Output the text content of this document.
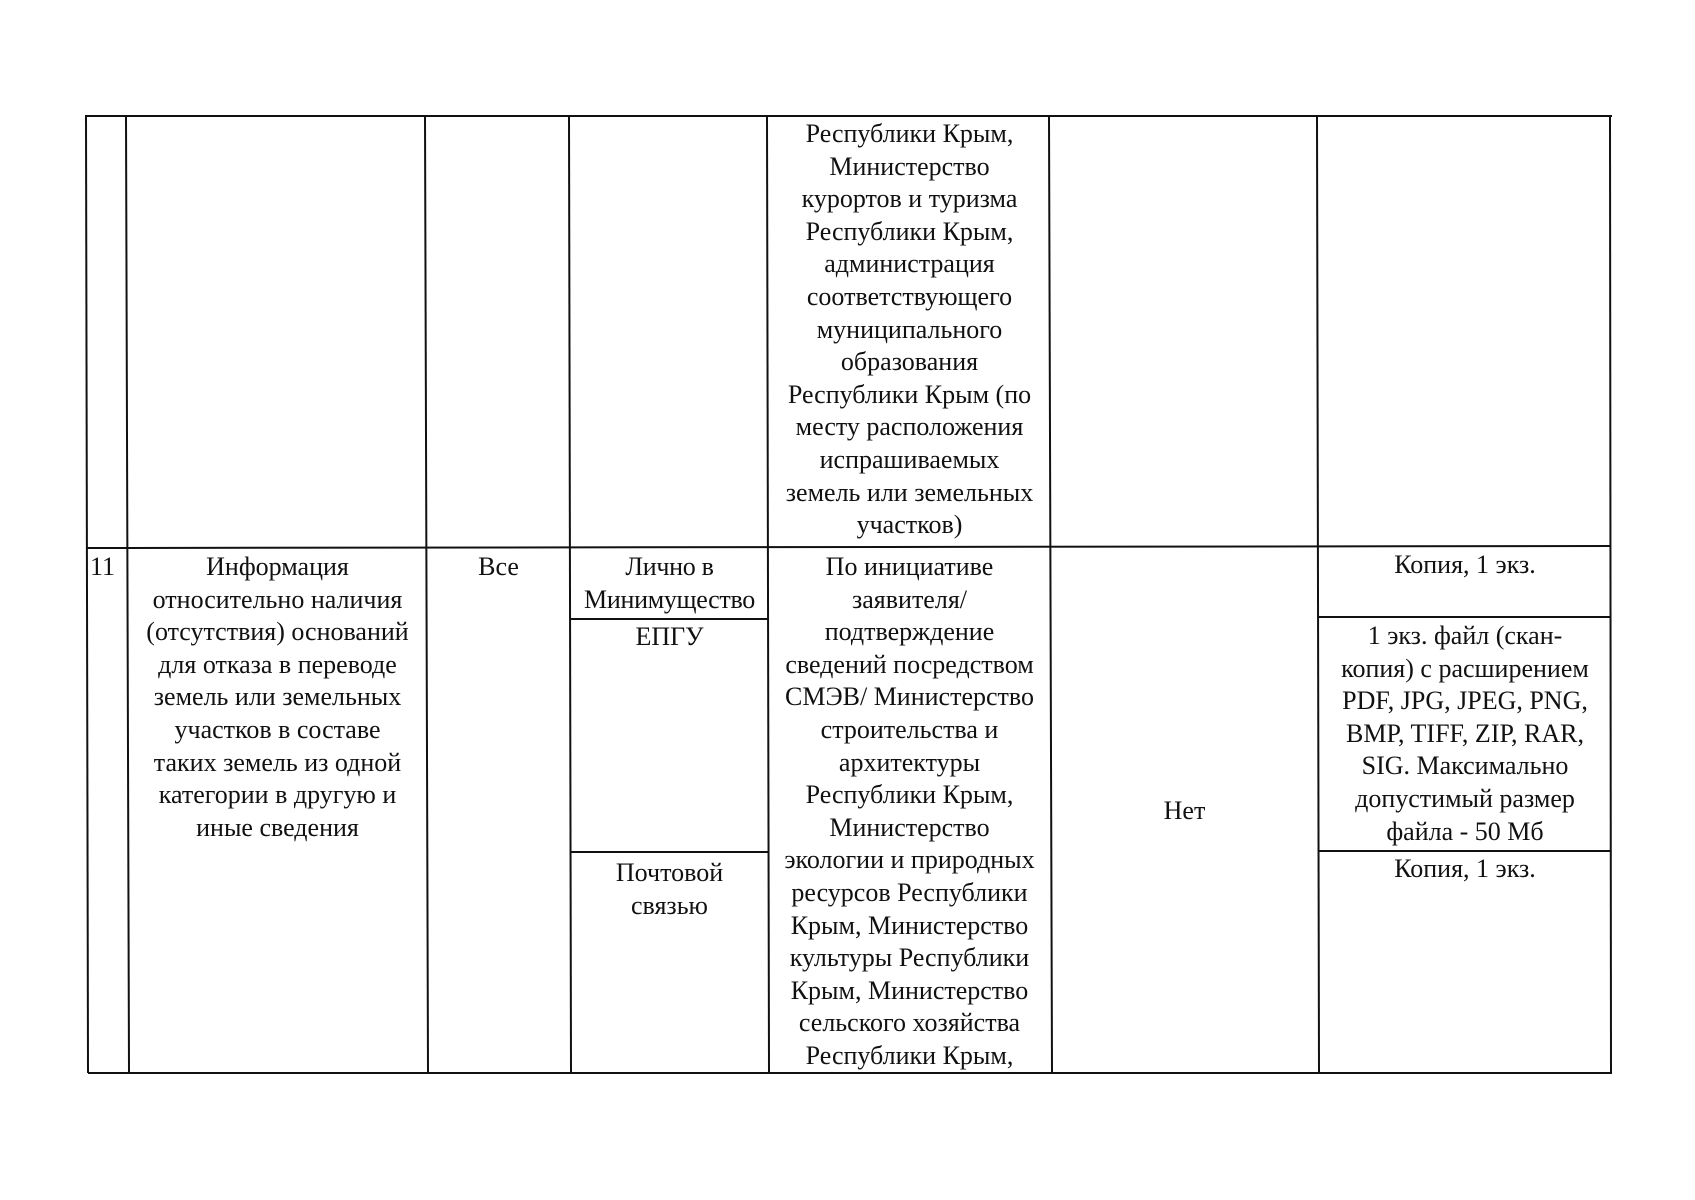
Республики Крым,
Министерство
курортов и туризма
Республики Крым,
администрация
соответствующего
муниципального
образования
Республики Крым (по
месту расположения
испрашиваемых
земель или земельных
участков)

11	Информация
относительно наличия
(отсутствия) оснований
для отказа в переводе
земель или земельных
участков в составе
таких земель из одной
категории в другую и
иные сведения

Все	Лично в
Минимущество

ЕПГУ

Почтовой
связью

По инициативе
заявителя/
подтверждение
сведений посредством
СМЭВ/ Министерство
строительства и
архитектуры
Республики Крым,
Министерство
экологии и природных
ресурсов Республики
Крым, Министерство
культуры Республики
Крым, Министерство
сельского хозяйства
Республики Крым,

Нет

Копия, 1 экз.

1 экз. файл (скан-
копия) с расширением
PDF, JPG, JPEG, PNG,
BMP, TIFF, ZIP, RAR,
SIG. Максимально
допустимый размер
файла - 50 Мб

Копия, 1 экз.
